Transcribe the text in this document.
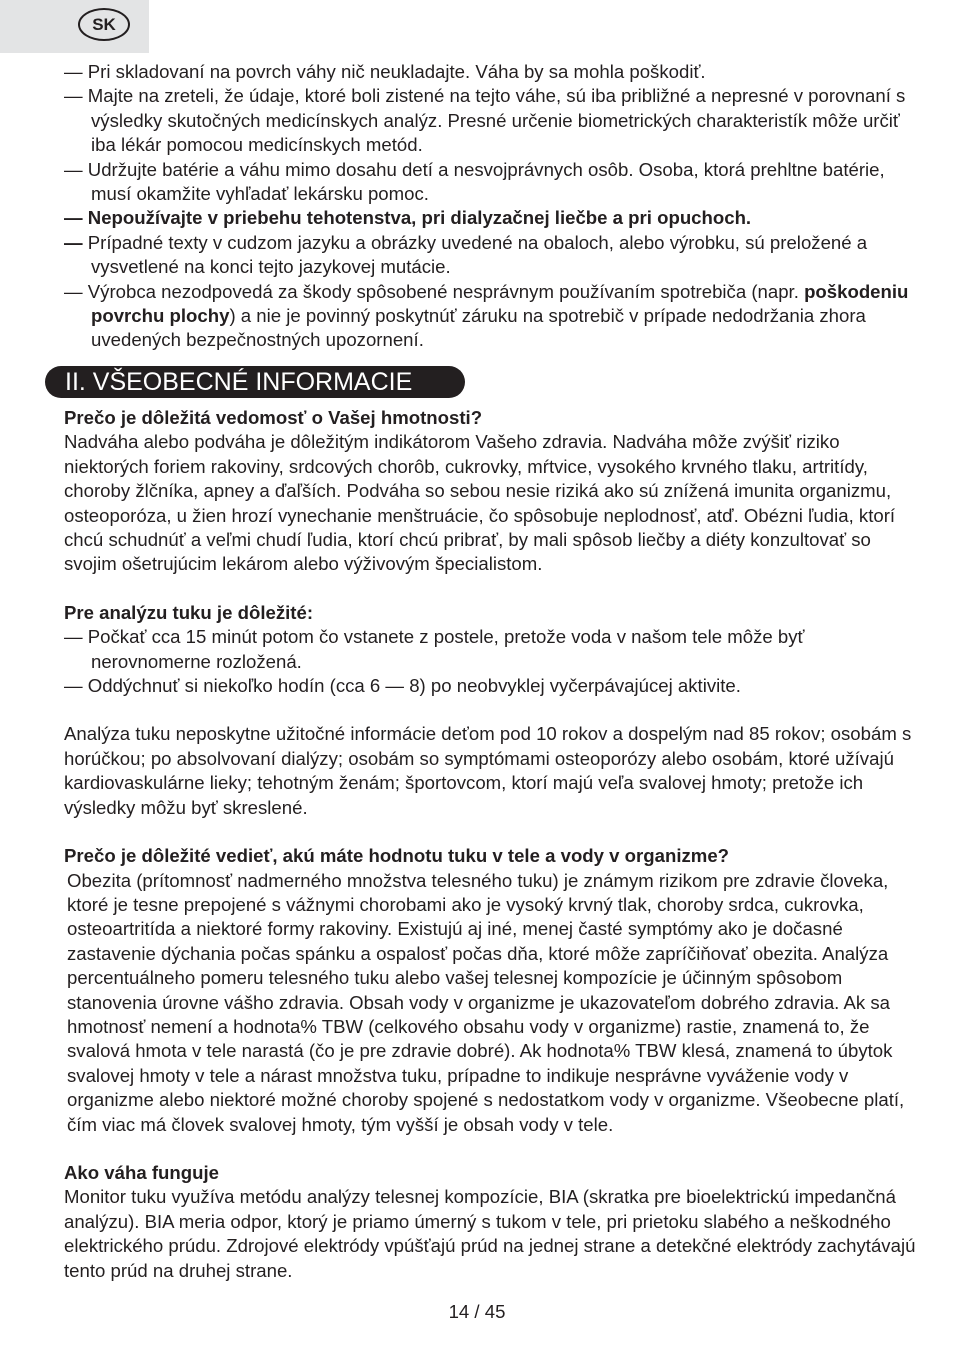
SK
— Pri skladovaní na povrch váhy nič neukladajte. Váha by sa mohla poškodiť.
— Majte na zreteli, že údaje, ktoré boli zistené na tejto váhe, sú iba približné a nepresné v porovnaní s výsledky skutočných medicínskych analýz. Presné určenie biometrických charakteristík môže určiť iba lékár pomocou medicínskych metód.
— Udržujte batérie a váhu mimo dosahu detí a nesvojprávnych osôb. Osoba, ktorá prehltne batérie, musí okamžite vyhľadať lekársku pomoc.
— Nepoužívajte v priebehu tehotenstva, pri dialyzačnej liečbe a pri opuchoch.
— Prípadné texty v cudzom jazyku a obrázky uvedené na obaloch, alebo výrobku, sú preložené a vysvetlené na konci tejto jazykovej mutácie.
— Výrobca nezodpovedá za škody spôsobené nesprávnym používaním spotrebiča (napr. poškodeniu povrchu plochy) a nie je povinný poskytnúť záruku na spotrebič v prípade nedodržania zhora uvedených bezpečnostných upozornení.
II. VŠEOBECNÉ INFORMACIE

Prečo je dôležitá vedomosť o Vašej hmotnosti?

Nadváha alebo podváha je dôležitým indikátorom Vašeho zdravia. Nadváha môže zvýšiť riziko niektorých foriem rakoviny, srdcových chorôb, cukrovky, mŕtvice, vysokého krvného tlaku, artritídy, choroby žlčníka, apney a ďaľších. Podváha so sebou nesie riziká ako sú znížená imunita organizmu, osteoporóza, u žien hrozí vynechanie menštruácie, čo spôsobuje neplodnosť, atď. Obézni ľudia, ktorí chcú schudnúť a veľmi chudí ľudia, ktorí chcú pribrať, by mali spôsob liečby a diéty konzultovať so svojim ošetrujúcim lekárom alebo výživovým špecialistom.

Pre analýzu tuku je dôležité:

— Počkať cca 15 minút potom čo vstanete z postele, pretože voda v našom tele môže byť nerovnomerne rozložená.
— Oddýchnuť si niekoľko hodín (cca 6 — 8) po neobvyklej vyčerpávajúcej aktivite.

Analýza tuku neposkytne užitočné informácie deťom pod 10 rokov a dospelým nad 85 rokov; osobám s horúčkou; po absolvovaní dialýzy; osobám so symptómami osteoporózy alebo osobám, ktoré užívajú kardiovaskulárne lieky; tehotným ženám; športovcom, ktorí majú veľa svalovej hmoty; pretože ich výsledky môžu byť skreslené.

Prečo je dôležité vedieť, akú máte hodnotu tuku v tele a vody v organizme?

Obezita (prítomnosť nadmerného množstva telesného tuku) je známym rizikom pre zdravie človeka, ktoré je tesne prepojené s vážnymi chorobami ako je vysoký krvný tlak, choroby srdca, cukrovka, osteoartritída a niektoré formy rakoviny. Existujú aj iné, menej časté symptómy ako je dočasné zastavenie dýchania počas spánku a ospalosť počas dňa, ktoré môže zapríčiňovať obezita. Analýza percentuálneho pomeru telesného tuku alebo vašej telesnej kompozície je účinným spôsobom stanovenia úrovne vášho zdravia. Obsah vody v organizme je ukazovateľom dobrého zdravia. Ak sa hmotnosť nemení a hodnota% TBW (celkového obsahu vody v organizme) rastie, znamená to, že svalová hmota v tele narastá (čo je pre zdravie dobré). Ak hodnota% TBW klesá, znamená to úbytok svalovej hmoty v tele a nárast množstva tuku, prípadne to indikuje nesprávne vyváženie vody v organizme alebo niektoré možné choroby spojené s nedostatkom vody v organizme. Všeobecne platí, čím viac má človek svalovej hmoty, tým vyšší je obsah vody v tele.

Ako váha funguje

Monitor tuku využíva metódu analýzy telesnej kompozície, BIA (skratka pre bioelektrickú impedančná analýzu). BIA meria odpor, ktorý je priamo úmerný s tukom v tele, pri prietoku slabého a neškodného elektrického prúdu. Zdrojové elektródy vpúšťajú prúd na jednej strane a detekčné elektródy zachytávajú tento prúd na druhej strane.

14 / 45
